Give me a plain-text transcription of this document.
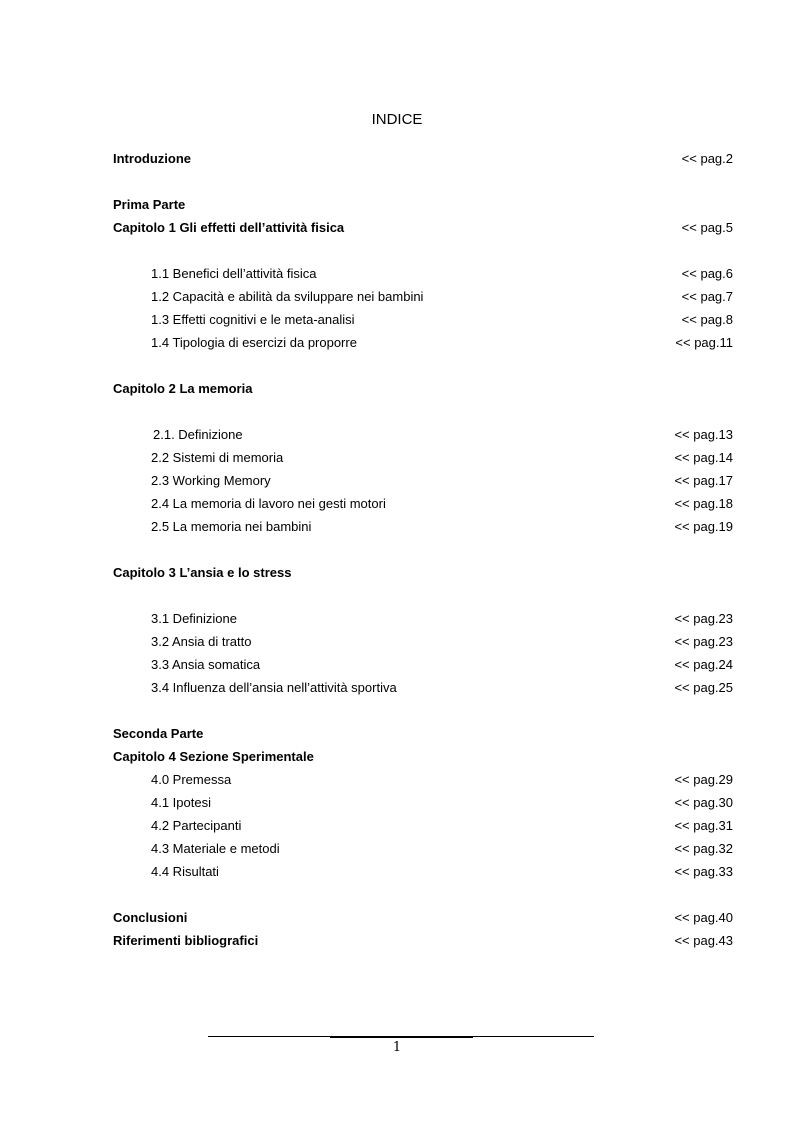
INDICE
Introduzione	<< pag.2
Prima Parte
Capitolo 1 Gli effetti dell’attività fisica	<< pag.5
1.1 Benefici dell’attività fisica	<< pag.6
1.2 Capacità e abilità da sviluppare nei bambini	<< pag.7
1.3 Effetti cognitivi e le meta-analisi	<< pag.8
1.4 Tipologia di esercizi da proporre	<< pag.11
Capitolo 2 La memoria
2.1. Definizione	<< pag.13
2.2 Sistemi di memoria	<< pag.14
2.3 Working Memory	<< pag.17
2.4 La memoria di lavoro nei gesti motori	<< pag.18
2.5 La memoria nei bambini	<< pag.19
Capitolo 3 L’ansia e lo stress
3.1 Definizione	<< pag.23
3.2 Ansia di tratto	<< pag.23
3.3 Ansia somatica	<< pag.24
3.4 Influenza dell’ansia nell’attività sportiva	<< pag.25
Seconda Parte
Capitolo 4 Sezione Sperimentale
4.0 Premessa	<< pag.29
4.1 Ipotesi	<< pag.30
4.2 Partecipanti	<< pag.31
4.3 Materiale e metodi	<< pag.32
4.4 Risultati	<< pag.33
Conclusioni	<< pag.40
Riferimenti bibliografici	<< pag.43
1
